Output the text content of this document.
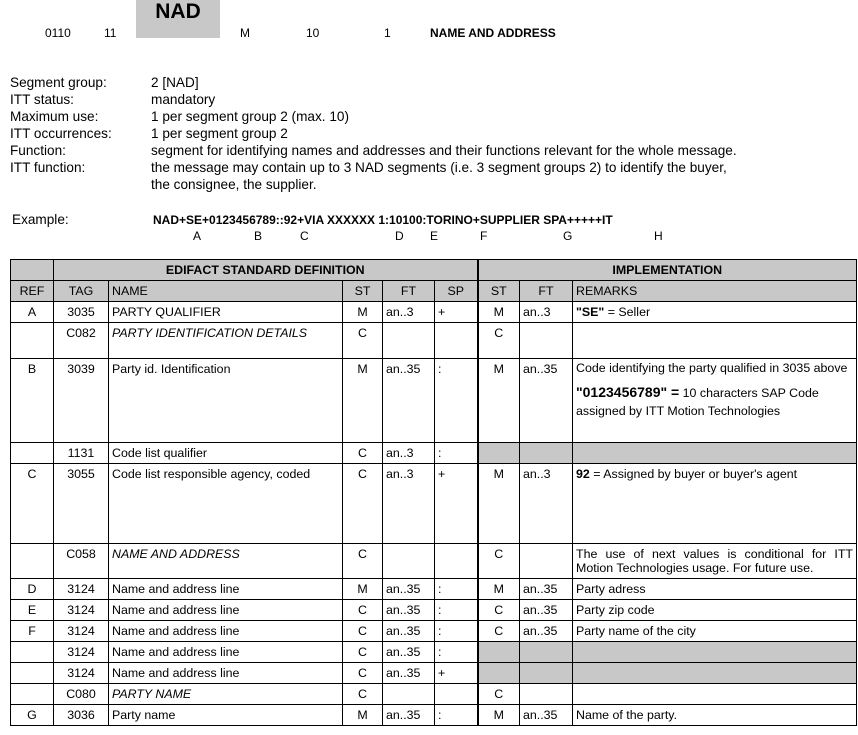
NAD
0110	11	M	10	1	NAME AND ADDRESS
Segment group:	2 [NAD]
ITT status:	mandatory
Maximum use:	1 per segment group 2 (max. 10)
ITT occurrences:	1 per segment group 2
Function:	segment for identifying names and addresses and their functions relevant for the whole message.
ITT function:	the message may contain up to 3 NAD segments (i.e. 3 segment groups 2) to identify the buyer,
the consignee, the supplier.
Example:	NAD+SE+0123456789::92+VIA XXXXXX 1:10100:TORINO+SUPPLIER SPA+++++IT
A	B	C	D E	F	G	H
	EDIFACT STANDARD DEFINITION					IMPLEMENTATION		
REF	TAG	NAME	ST	FT	SP	ST	FT	REMARKS
A	3035	PARTY QUALIFIER	M	an..3	+	M	an..3	"SE" = Seller
	C082	PARTY IDENTIFICATION DETAILS	C			C		
B	3039	Party id. Identification	M	an..35	:	M	an..35	Code identifying the party qualified in 3035 above
"0123456789" = 10 characters SAP Code assigned by ITT Motion Technologies

	1131	Code list qualifier	C	an..3	:			
C	3055	Code list responsible agency, coded	C	an..3	+	M	an..3	92 = Assigned by buyer or buyer's agent
	C058	NAME AND ADDRESS	C			C		The use of next values is conditional for ITT Motion Technologies usage. For future use.
D	3124	Name and address line	M	an..35	:	M	an..35	Party adress
E	3124	Name and address line	C	an..35	:	C	an..35	Party zip code
F	3124	Name and address line	C	an..35	:	C	an..35	Party name of the city
	3124	Name and address line	C	an..35	:			
	3124	Name and address line	C	an..35	+			
	C080	PARTY NAME	C			C		
G	3036	Party name	M	an..35	:	M	an..35	Name of the party.
